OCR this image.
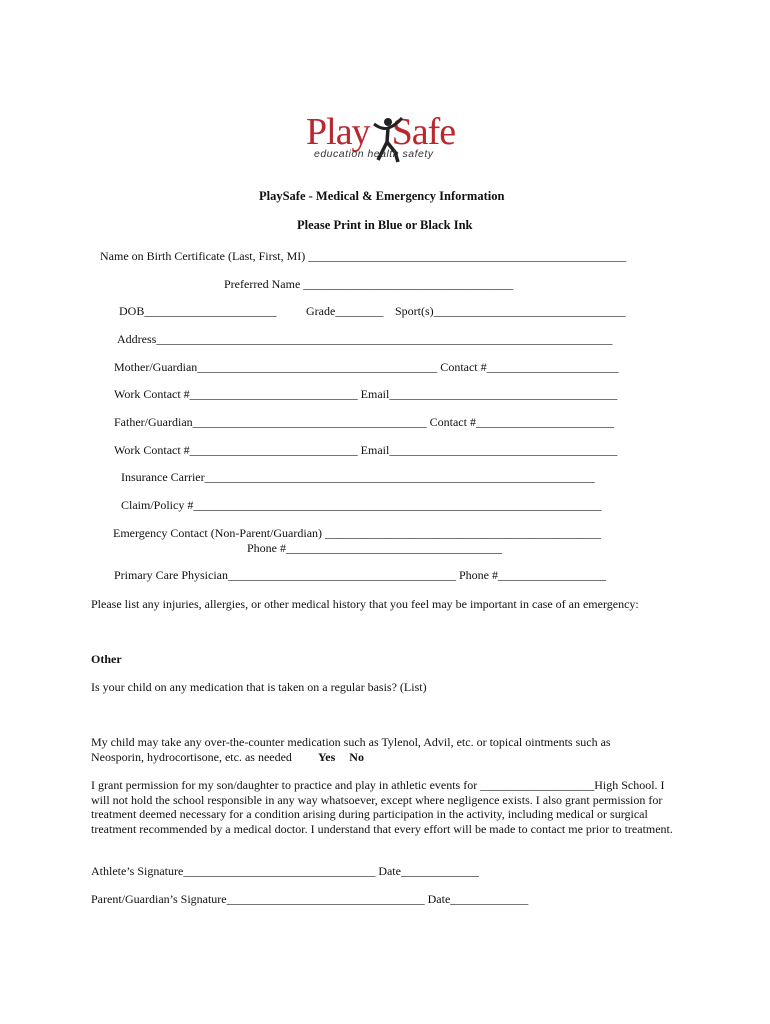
Play Safe
education health safety
PlaySafe - Medical & Emergency Information
Please Print in Blue or Black Ink
Name on Birth Certificate (Last, First, MI) _____________________________________________________
Preferred Name ___________________________________
DOB______________________ Grade________ Sport(s)________________________________
Address____________________________________________________________________________
Mother/Guardian________________________________________ Contact #______________________
Work Contact #____________________________ Email______________________________________
Father/Guardian_______________________________________ Contact #_______________________
Work Contact #____________________________ Email______________________________________
Insurance Carrier_________________________________________________________________
Claim/Policy #____________________________________________________________________
Emergency Contact (Non-Parent/Guardian) ______________________________________________
Phone #____________________________________
Primary Care Physician______________________________________ Phone #__________________
Please list any injuries, allergies, or other medical history that you feel may be important in case of an emergency:
Other
Is your child on any medication that is taken on a regular basis? (List)
My child may take any over-the-counter medication such as Tylenol, Advil, etc. or topical ointments such as Neosporin, hydrocortisone, etc. as needed Yes No
I grant permission for my son/daughter to practice and play in athletic events for ___________________High School. I will not hold the school responsible in any way whatsoever, except where negligence exists. I also grant permission for treatment deemed necessary for a condition arising during participation in the activity, including medical or surgical treatment recommended by a medical doctor. I understand that every effort will be made to contact me prior to treatment.
Athlete’s Signature________________________________ Date_____________
Parent/Guardian’s Signature_________________________________ Date_____________
